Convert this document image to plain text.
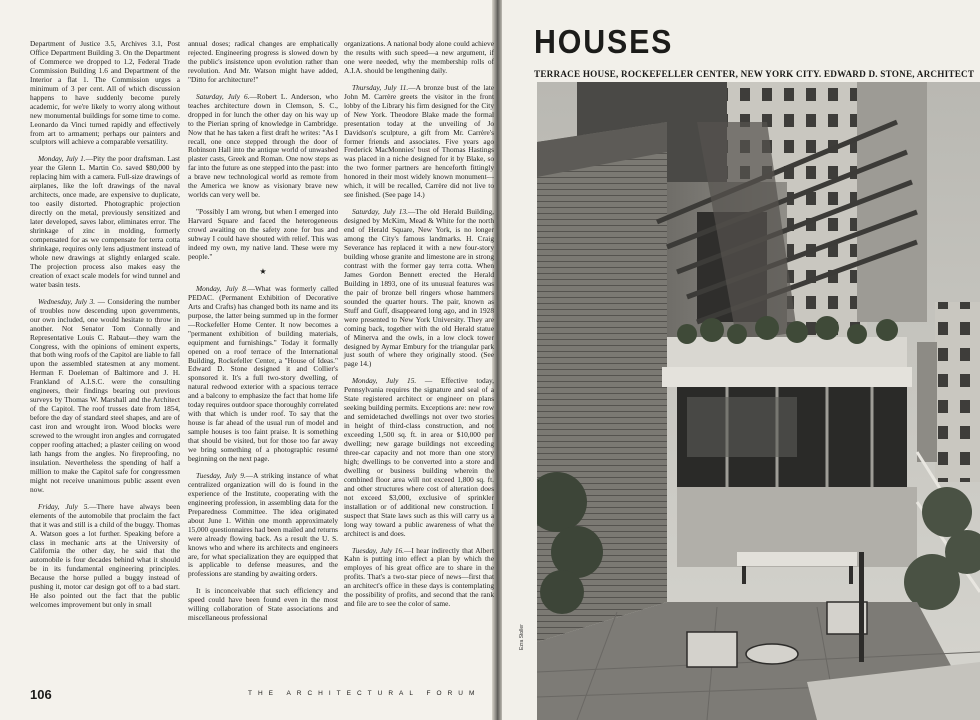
Department of Justice 3.5, Archives 3.1, Post Office Department Building 3. On the Department of Commerce we dropped to 1.2, Federal Trade Commission Building 1.6 and Department of the Interior a flat 1. The Commission urges a minimum of 3 per cent. All of which discussion happens to have suddenly become purely academic, for we're likely to worry along without new monumental buildings for some time to come. Leonardo da Vinci turned rapidly and effectively from art to armament; perhaps our painters and sculptors will achieve a comparable versatility.

Monday, July 1.—Pity the poor draftsman. Last year the Glenn L. Martin Co. saved $80,000 by replacing him with a camera. Full-size drawings of airplanes, like the loft drawings of the naval architects, once made, are expensive to duplicate, too easily distorted. Photographic projection directly on the metal, previously sensitized and later developed, saves labor, eliminates error. The shrinkage of zinc in molding, formerly compensated for as we compensate for terra cotta shrinkage, requires only lens adjustment instead of whole new drawings at slightly enlarged scale. The projection process also makes easy the creation of exact scale models for wind tunnel and water basin tests.

Wednesday, July 3. — Considering the number of troubles now descending upon governments, our own included, one would hesitate to throw in another. Not Senator Tom Connally and Representative Louis C. Rabaut—they warn the Congress, with the opinions of eminent experts, that both wing roofs of the Capitol are liable to fall upon the assembled statesmen at any moment. Herman F. Doeleman of Baltimore and J. H. Frankland of A.I.S.C. were the consulting engineers, their findings bearing out previous surveys by Thomas W. Marshall and the Architect of the Capitol. The roof trusses date from 1854, before the day of standard steel shapes, and are of cast iron and wrought iron. Wood blocks were screwed to the wrought iron angles and corrugated copper roofing attached; a plaster ceiling on wood lath hangs from the angles. No fireproofing, no insulation. Nevertheless the spending of half a million to make the Capitol safe for congressmen might not receive unanimous public assent even now.

Friday, July 5.—There have always been elements of the automobile that proclaim the fact that it was and still is a child of the buggy. Thomas A. Watson goes a lot further. Speaking before a class in mechanic arts at the University of California the other day, he said that the automobile is four decades behind what it should be in its fundamental engineering principles. Because the horse pulled a buggy instead of pushing it, motor car design got off to a bad start. He also pointed out the fact that the public welcomes improvement but only in small

annual doses; radical changes are emphatically rejected. Engineering progress is slowed down by the public's insistence upon evolution rather than revolution. And Mr. Watson might have added, "Ditto for architecture!"

Saturday, July 6.—Robert L. Anderson, who teaches architecture down in Clemson, S. C., dropped in for lunch the other day on his way up to the Pierian spring of knowledge in Cambridge. Now that he has taken a first draft he writes: "As I recall, one once stepped through the door of Robinson Hall into the antique world of unwashed plaster casts, Greek and Roman. One now steps as far into the future as one stepped into the past: into a brave new technological world as remote from the America we know as visionary brave new worlds can very well be.

"Possibly I am wrong, but when I emerged into Harvard Square and faced the heterogeneous crowd awaiting on the safety zone for bus and subway I could have shouted with relief. This was indeed my own, my native land. These were my people."

★

Monday, July 8.—What was formerly called PEDAC. (Permanent Exhibition of Decorative Arts and Crafts) has changed both its name and its purpose, the latter being summed up in the former—Rockefeller Home Center. It now becomes a "permanent exhibition of building materials, equipment and furnishings." Today it formally opened on a roof terrace of the International Building, Rockefeller Center, a "House of Ideas." Edward D. Stone designed it and Collier's sponsored it. It's a full two-story dwelling, of natural redwood exterior with a spacious terrace and a balcony to emphasize the fact that home life today requires outdoor space thoroughly correlated with that which is under roof. To say that the house is far ahead of the usual run of model and sample houses is too faint praise. It is something that should be visited, but for those too far away we bring something of a photographic resumé beginning on the next page.

Tuesday, July 9.—A striking instance of what centralized organization will do is found in the experience of the Institute, cooperating with the engineering profession, in assembling data for the Preparedness Committee. The idea originated about June 1. Within one month approximately 15,000 questionnaires had been mailed and returns were already flowing back. As a result the U. S. knows who and where its architects and engineers are, for what specialization they are equipped that is applicable to defense measures, and the professions are standing by awaiting orders.

It is inconceivable that such efficiency and speed could have been found even in the most willing collaboration of State associations and miscellaneous professional

organizations. A national body alone could achieve the results with such speed—a new argument, if one were needed, why the membership rolls of A.I.A. should be lengthening daily.

Thursday, July 11.—A bronze bust of the late John M. Carrère greets the visitor in the front lobby of the Library his firm designed for the City of New York. Theodore Blake made the formal presentation today at the unveiling of Jo Davidson's sculpture, a gift from Mr. Carrère's former friends and associates. Five years ago Frederick MacMonnies' bust of Thomas Hastings was placed in a niche designed for it by Blake, so the two former partners are henceforth fittingly honored in their most widely known monument—which, it will be recalled, Carrère did not live to see finished. (See page 14.)

Saturday, July 13.—The old Herald Building, designed by McKim, Mead & White for the north end of Herald Square, New York, is no longer among the City's famous landmarks. H. Craig Severance has replaced it with a new four-story building whose granite and limestone are in strong contrast with the former gay terra cotta. When James Gordon Bennett erected the Herald Building in 1893, one of its unusual features was the pair of bronze bell ringers whose hammers sounded the quarter hours. The pair, known as Stuff and Guff, disappeared long ago, and in 1928 were presented to New York University. They are coming back, together with the old Herald statue of Minerva and the owls, in a low clock tower designed by Aymar Embury for the triangular park just south of where they originally stood. (See page 14.)

Monday, July 15. — Effective today, Pennsylvania requires the signature and seal of a State registered architect or engineer on plans seeking building permits. Exceptions are: new row and semidetached dwellings not over two stories in height of third-class construction, and not exceeding 1,500 sq. ft. in area or $10,000 per dwelling; new garage buildings not exceeding three-car capacity and not more than one story high; dwellings to be converted into a store and dwelling or business building wherein the combined floor area will not exceed 1,800 sq. ft. and other structures where cost of alteration does not exceed $3,000, exclusive of sprinkler installation or of additional new construction. I suspect that State laws such as this will carry us a long way toward a public awareness of what the architect is and does.

Tuesday, July 16.—I hear indirectly that Albert Kahn is putting into effect a plan by which the employes of his great office are to share in the profits. That's a two-star piece of news—first that an architect's office in these days is contemplating the possibility of profits, and second that the rank and file are to see the color of same.

106	THE ARCHITECTURAL FORUM
HOUSES
TERRACE HOUSE, ROCKEFELLER CENTER, NEW YORK CITY. EDWARD D. STONE, ARCHITECT
Ezra Stoller
